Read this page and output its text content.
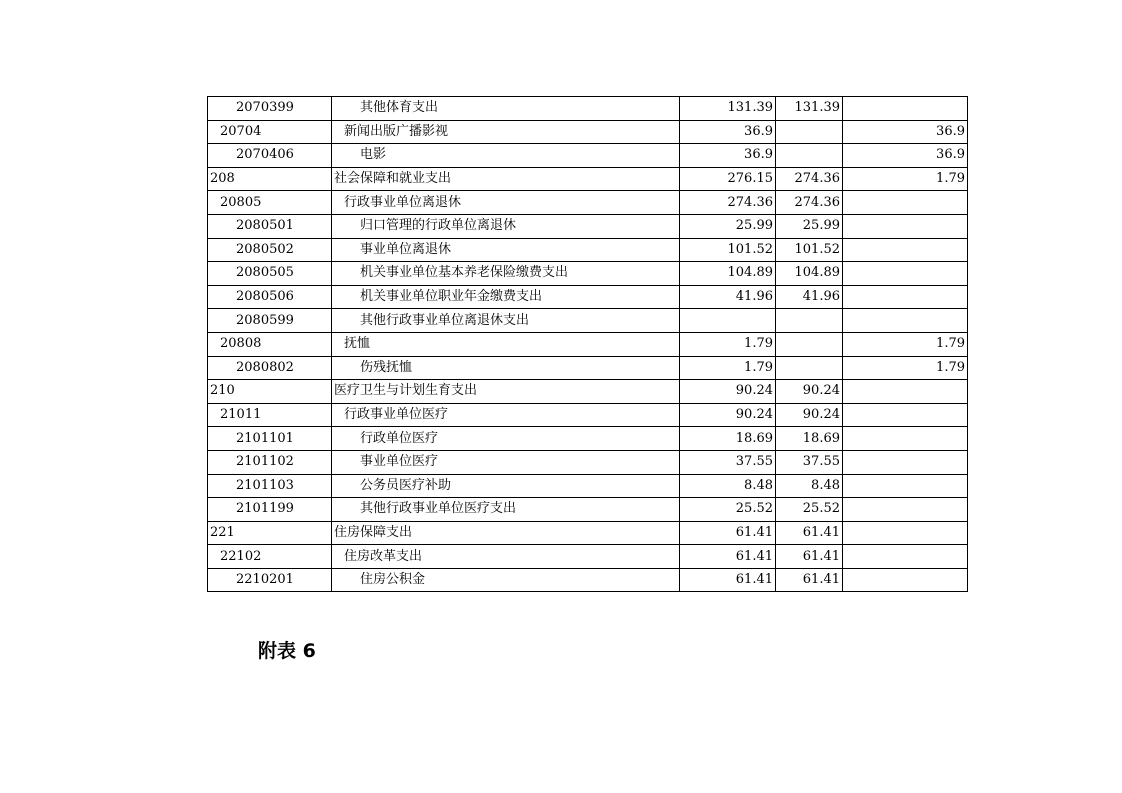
2070399	其他体育支出	131.39	131.39	
20704	新闻出版广播影视	36.9		36.9
2070406	电影	36.9		36.9
208	社会保障和就业支出	276.15	274.36	1.79
20805	行政事业单位离退休	274.36	274.36	
2080501	归口管理的行政单位离退休	25.99	25.99	
2080502	事业单位离退休	101.52	101.52	
2080505	机关事业单位基本养老保险缴费支出	104.89	104.89	
2080506	机关事业单位职业年金缴费支出	41.96	41.96	
2080599	其他行政事业单位离退休支出			
20808	抚恤	1.79		1.79
2080802	伤残抚恤	1.79		1.79
210	医疗卫生与计划生育支出	90.24	90.24	
21011	行政事业单位医疗	90.24	90.24	
2101101	行政单位医疗	18.69	18.69	
2101102	事业单位医疗	37.55	37.55	
2101103	公务员医疗补助	8.48	8.48	
2101199	其他行政事业单位医疗支出	25.52	25.52	
221	住房保障支出	61.41	61.41	
22102	住房改革支出	61.41	61.41	
2210201	住房公积金	61.41	61.41	
附表 6
